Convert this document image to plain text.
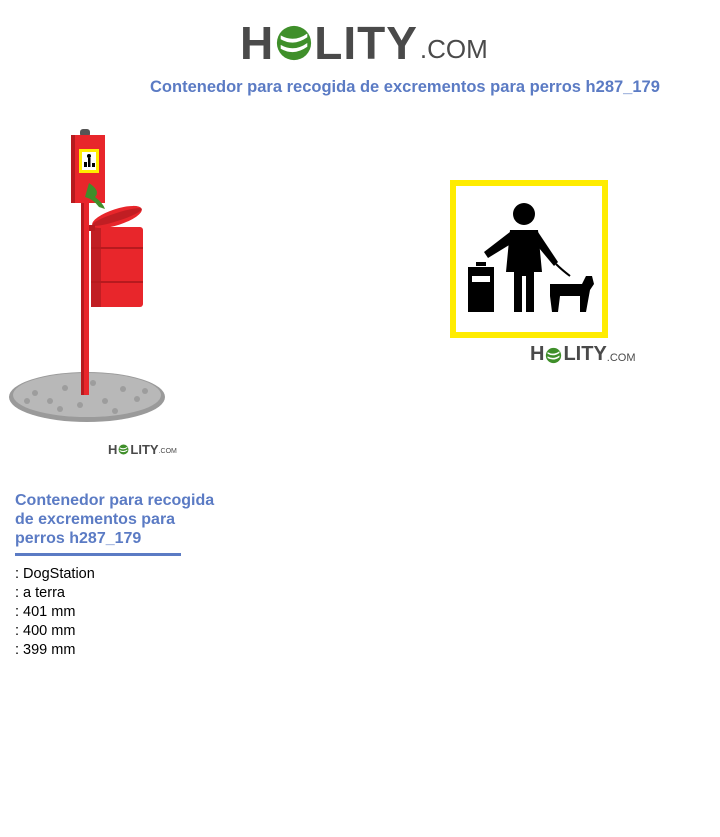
H LITY .COM
Contenedor para recogida de excrementos para perros h287_179
H LITY .COM
H LITY .COM
Contenedor para recogida de excrementos para perros h287_179
: DogStation
: a terra
: 401 mm
: 400 mm
: 399 mm
